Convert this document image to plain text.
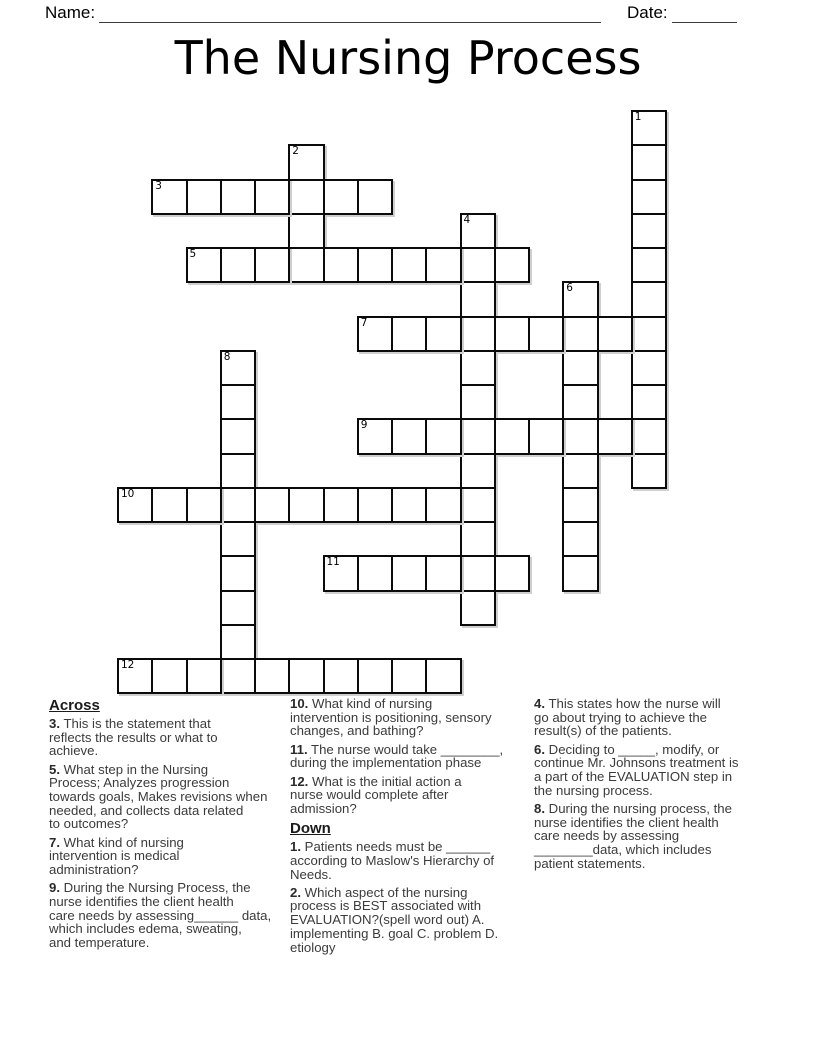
Name:	Date:
The Nursing Process
1
2
3
4
5
6
7
8
9
10
11
12
Across
3. This is the statement that
reflects the results or what to
achieve.
5. What step in the Nursing
Process; Analyzes progression
towards goals, Makes revisions when
needed, and collects data related
to outcomes?
7. What kind of nursing
intervention is medical
administration?
9. During the Nursing Process, the
nurse identifies the client health
care needs by assessing______ data,
which includes edema, sweating,
and temperature.
10. What kind of nursing
intervention is positioning, sensory
changes, and bathing?
11. The nurse would take ________,
during the implementation phase
12. What is the initial action a
nurse would complete after
admission?
Down
1. Patients needs must be ______
according to Maslow's Hierarchy of
Needs.
2. Which aspect of the nursing
process is BEST associated with
EVALUATION?(spell word out) A.
implementing B. goal C. problem D.
etiology
4. This states how the nurse will
go about trying to achieve the
result(s) of the patients.
6. Deciding to _____, modify, or
continue Mr. Johnsons treatment is
a part of the EVALUATION step in
the nursing process.
8. During the nursing process, the
nurse identifies the client health
care needs by assessing
________data, which includes
patient statements.
